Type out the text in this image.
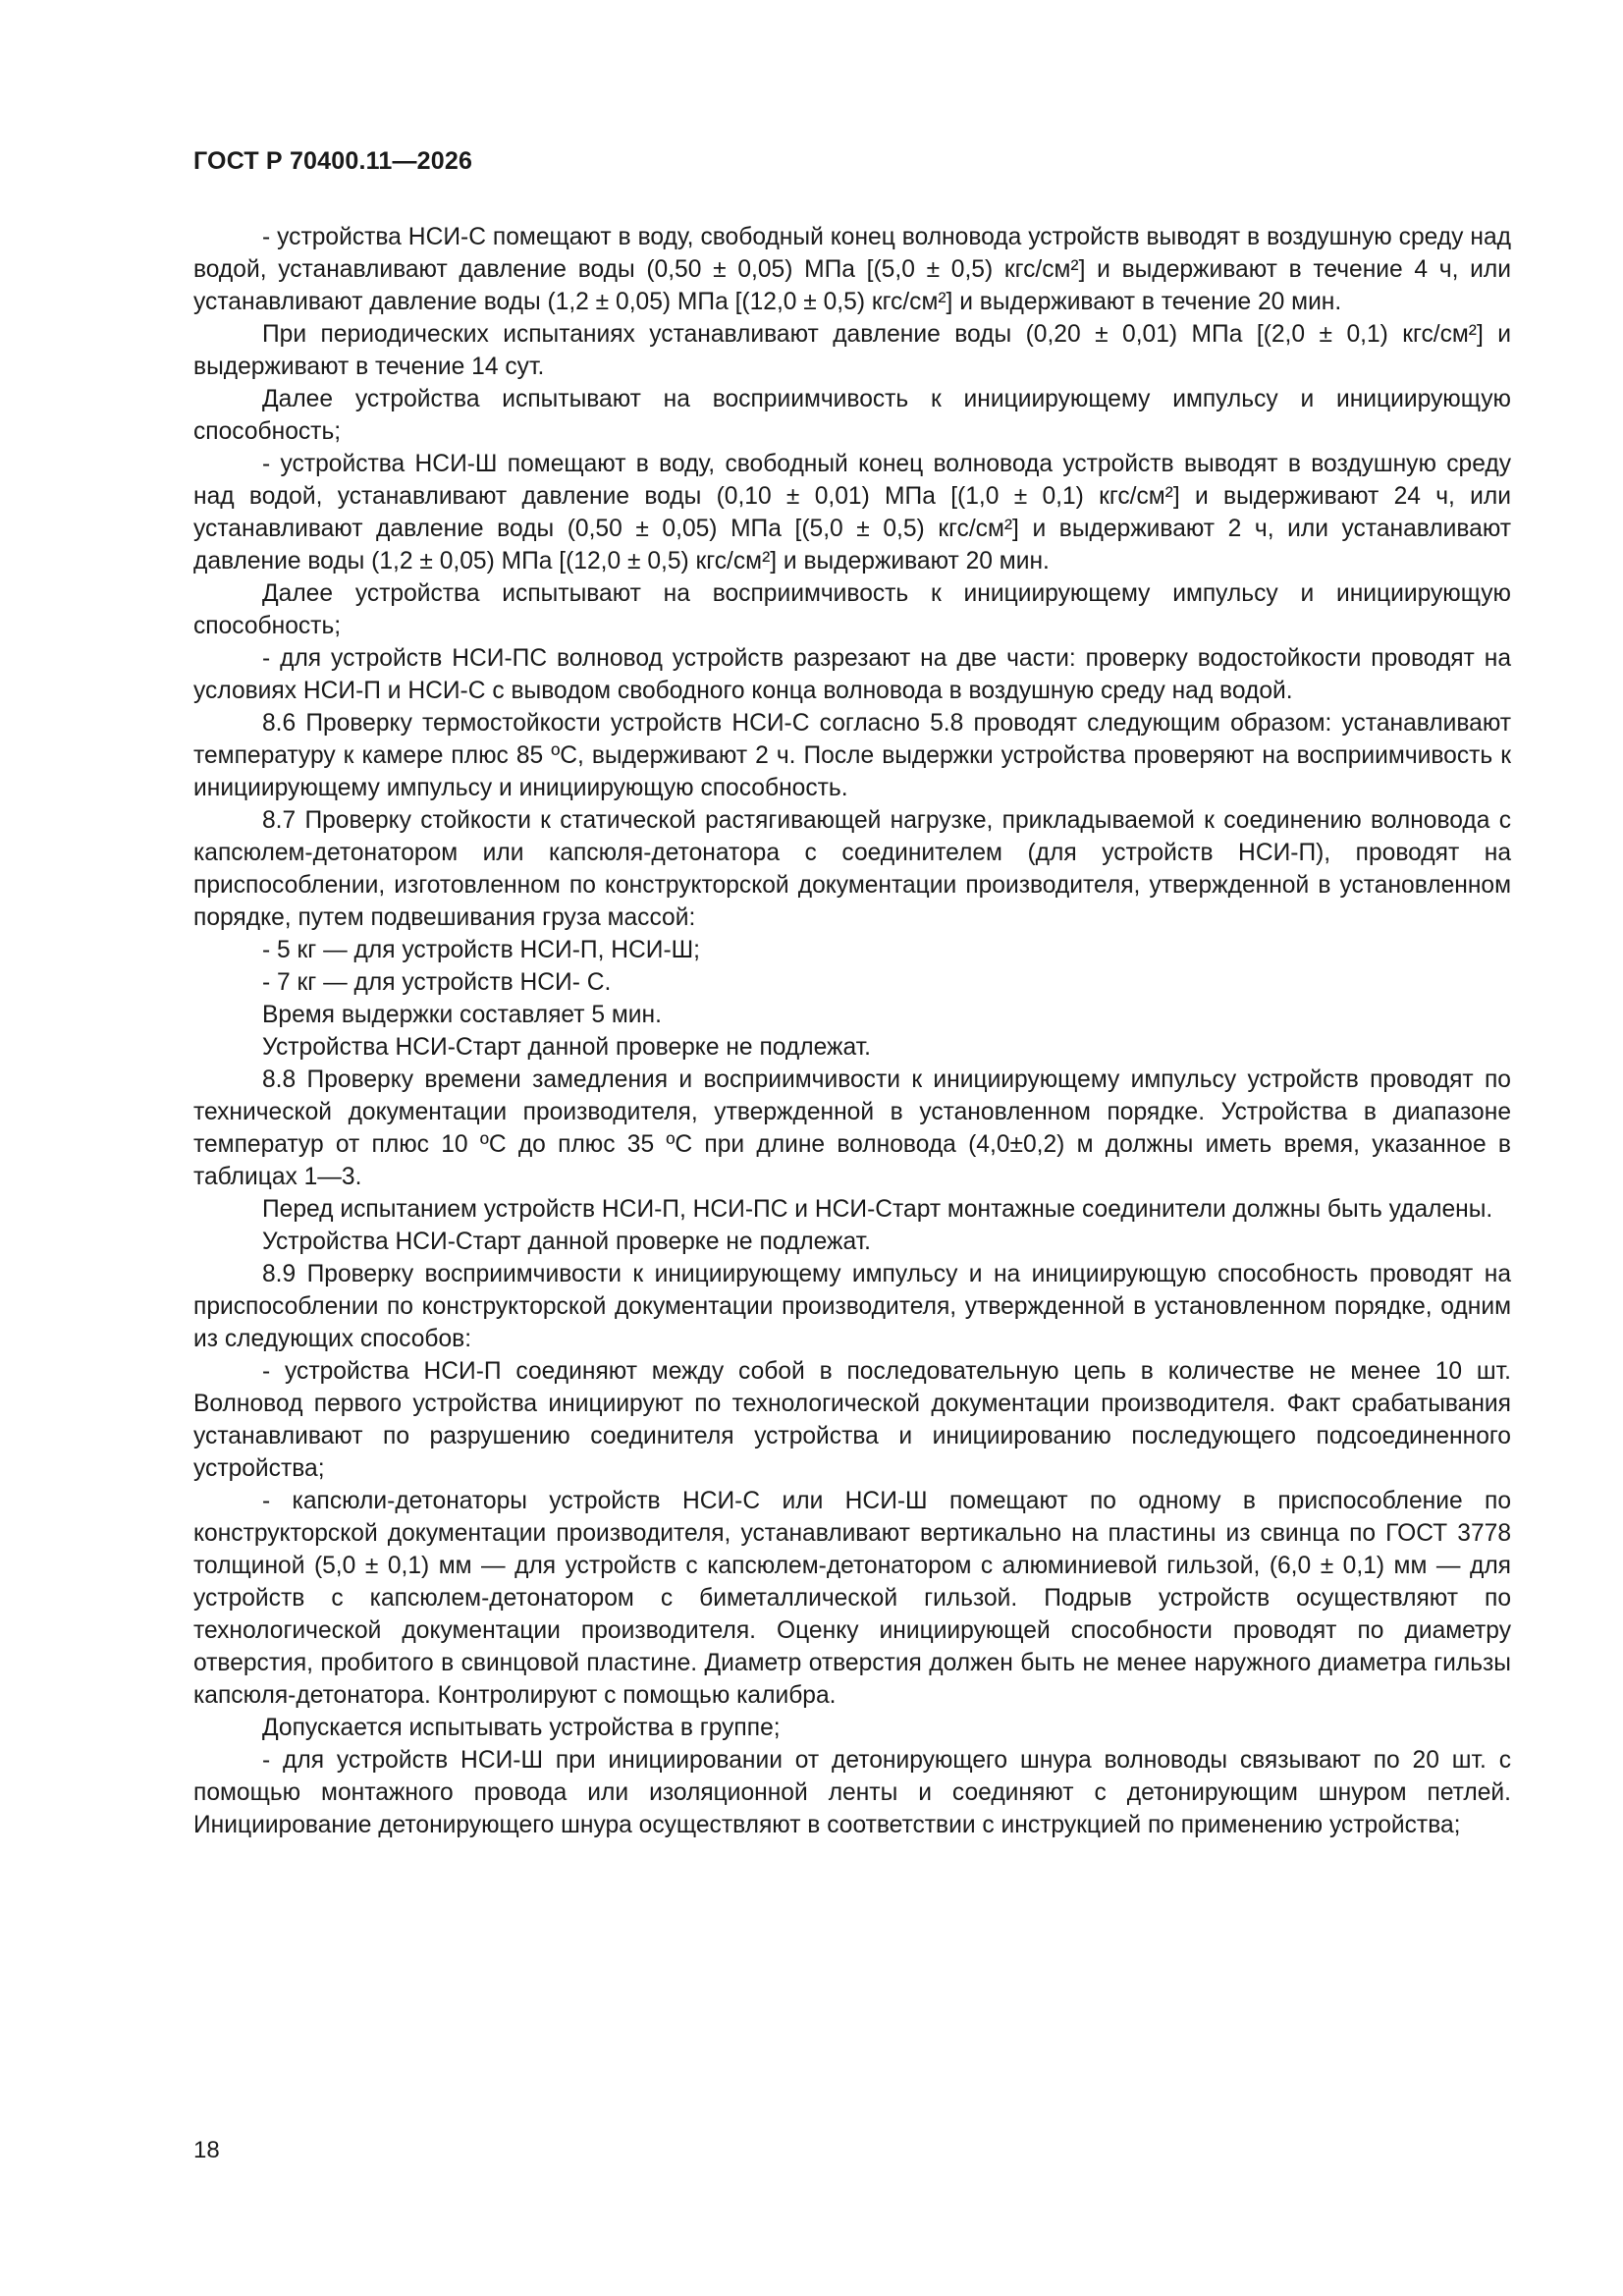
ГОСТ Р 70400.11—2026

- устройства НСИ-С помещают в воду, свободный конец волновода устройств выводят в воздушную среду над водой, устанавливают давление воды (0,50 ± 0,05) МПа [(5,0 ± 0,5) кгс/см²] и выдерживают в течение 4 ч, или устанавливают давление воды (1,2 ± 0,05) МПа [(12,0 ± 0,5) кгс/см²] и выдерживают в течение 20 мин.

При периодических испытаниях устанавливают давление воды (0,20 ± 0,01) МПа [(2,0 ± 0,1) кгс/см²] и выдерживают в течение 14 сут.

Далее устройства испытывают на восприимчивость к инициирующему импульсу и инициирующую способность;

- устройства НСИ-Ш помещают в воду, свободный конец волновода устройств выводят в воздушную среду над водой, устанавливают давление воды (0,10 ± 0,01) МПа [(1,0 ± 0,1) кгс/см²] и выдерживают 24 ч, или устанавливают давление воды (0,50 ± 0,05) МПа [(5,0 ± 0,5) кгс/см²] и выдерживают 2 ч, или устанавливают давление воды (1,2 ± 0,05) МПа [(12,0 ± 0,5) кгс/см²] и выдерживают 20 мин.

Далее устройства испытывают на восприимчивость к инициирующему импульсу и инициирующую способность;

- для устройств НСИ-ПС волновод устройств разрезают на две части: проверку водостойкости проводят на условиях НСИ-П и НСИ-С с выводом свободного конца волновода в воздушную среду над водой.

8.6 Проверку термостойкости устройств НСИ-С согласно 5.8 проводят следующим образом: устанавливают температуру к камере плюс 85 ºС, выдерживают 2 ч. После выдержки устройства проверяют на восприимчивость к инициирующему импульсу и инициирующую способность.

8.7 Проверку стойкости к статической растягивающей нагрузке, прикладываемой к соединению волновода с капсюлем-детонатором или капсюля-детонатора с соединителем (для устройств НСИ-П), проводят на приспособлении, изготовленном по конструкторской документации производителя, утвержденной в установленном порядке, путем подвешивания груза массой:

- 5 кг — для устройств НСИ-П, НСИ-Ш;

- 7 кг — для устройств НСИ- С.

Время выдержки составляет 5 мин.

Устройства НСИ-Старт данной проверке не подлежат.

8.8 Проверку времени замедления и восприимчивости к инициирующему импульсу устройств проводят по технической документации производителя, утвержденной в установленном порядке. Устройства в диапазоне температур от плюс 10 ºС до плюс 35 ºС при длине волновода (4,0±0,2) м должны иметь время, указанное в таблицах 1—3.

Перед испытанием устройств НСИ-П, НСИ-ПС и НСИ-Старт монтажные соединители должны быть удалены.

Устройства НСИ-Старт данной проверке не подлежат.

8.9 Проверку восприимчивости к инициирующему импульсу и на инициирующую способность проводят на приспособлении по конструкторской документации производителя, утвержденной в установленном порядке, одним из следующих способов:

- устройства НСИ-П соединяют между собой в последовательную цепь в количестве не менее 10 шт. Волновод первого устройства инициируют по технологической документации производителя. Факт срабатывания устанавливают по разрушению соединителя устройства и инициированию последующего подсоединенного устройства;

- капсюли-детонаторы устройств НСИ-С или НСИ-Ш помещают по одному в приспособление по конструкторской документации производителя, устанавливают вертикально на пластины из свинца по ГОСТ 3778 толщиной (5,0 ± 0,1) мм — для устройств с капсюлем-детонатором с алюминиевой гильзой, (6,0 ± 0,1) мм — для устройств с капсюлем-детонатором с биметаллической гильзой. Подрыв устройств осуществляют по технологической документации производителя. Оценку инициирующей способности проводят по диаметру отверстия, пробитого в свинцовой пластине. Диаметр отверстия должен быть не менее наружного диаметра гильзы капсюля-детонатора. Контролируют с помощью калибра.

Допускается испытывать устройства в группе;

- для устройств НСИ-Ш при инициировании от детонирующего шнура волноводы связывают по 20 шт. с помощью монтажного провода или изоляционной ленты и соединяют с детонирующим шнуром петлей. Инициирование детонирующего шнура осуществляют в соответствии с инструкцией по применению устройства;

18
